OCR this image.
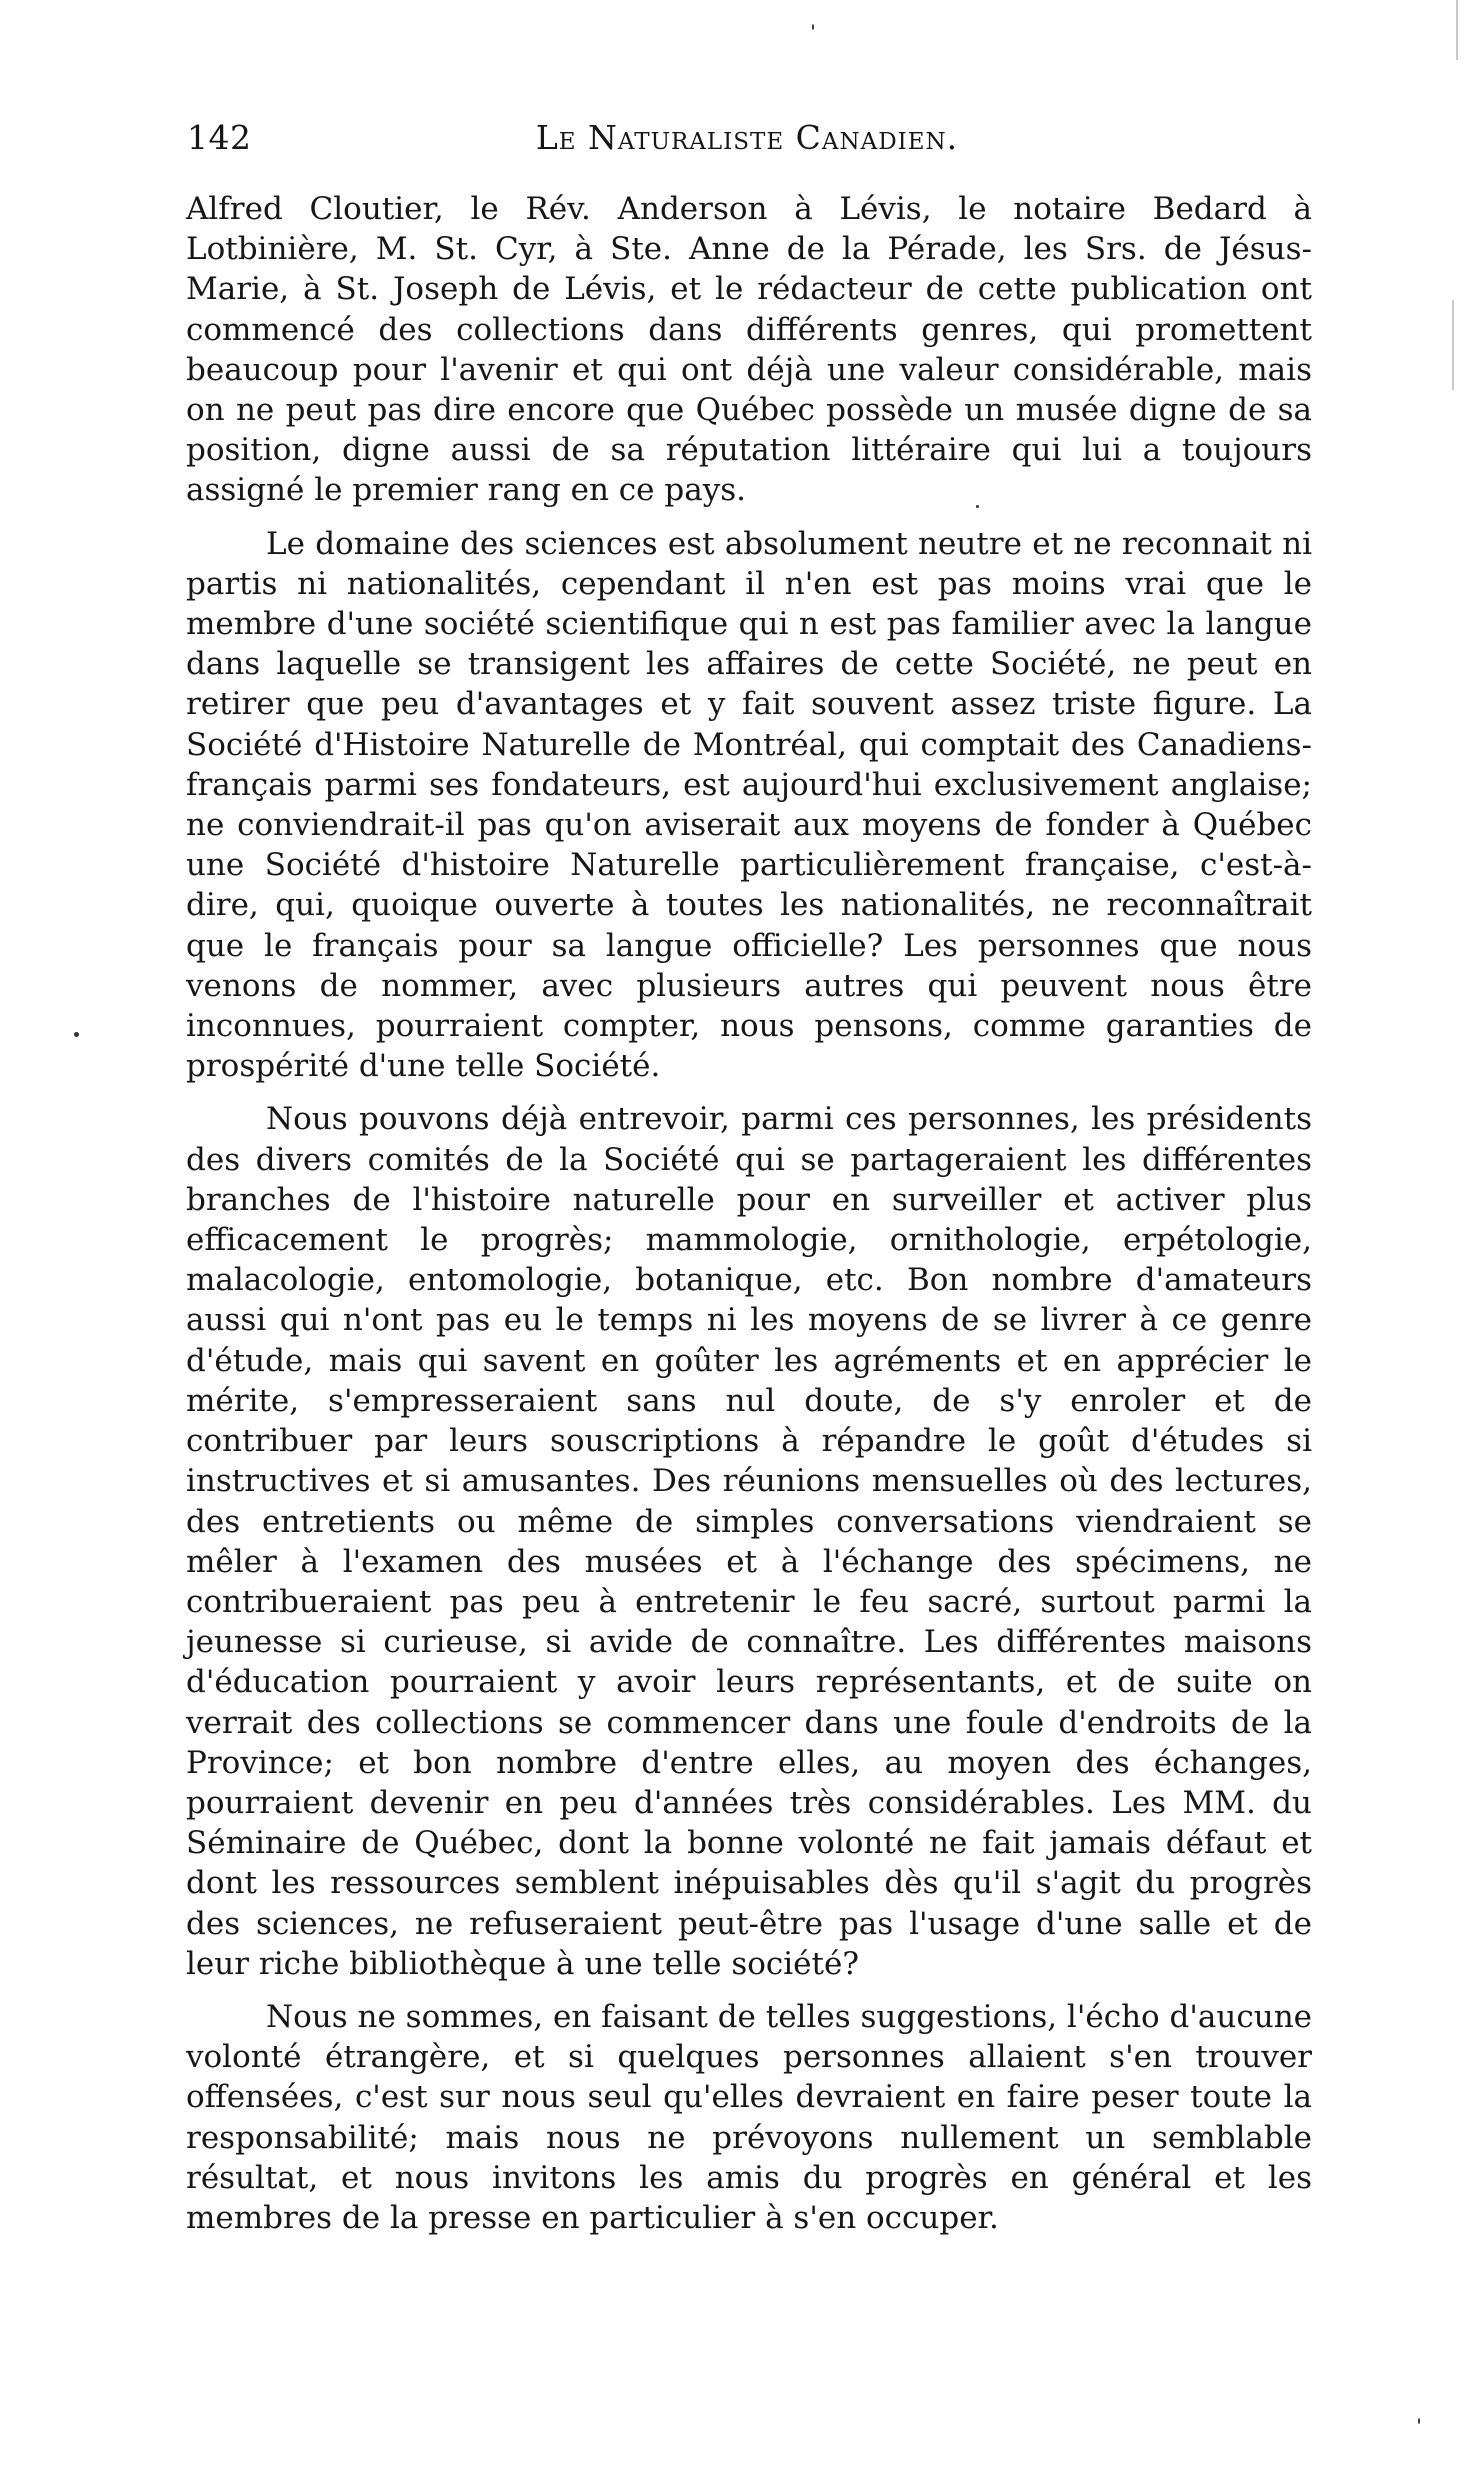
142	Le Naturaliste Canadien.

Alfred Cloutier, le Rév. Anderson à Lévis, le notaire Bedard à Lotbinière, M. St. Cyr, à Ste. Anne de la Pérade, les Srs. de Jésus-Marie, à St. Joseph de Lévis, et le rédacteur de cette publication ont commencé des collections dans différents genres, qui promettent beaucoup pour l'avenir et qui ont déjà une valeur considérable, mais on ne peut pas dire encore que Québec possède un musée digne de sa position, digne aussi de sa réputation littéraire qui lui a toujours assigné le premier rang en ce pays.

Le domaine des sciences est absolument neutre et ne reconnait ni partis ni nationalités, cependant il n'en est pas moins vrai que le membre d'une société scientifique qui n est pas familier avec la langue dans laquelle se transigent les affaires de cette Société, ne peut en retirer que peu d'avantages et y fait souvent assez triste figure. La Société d'Histoire Naturelle de Montréal, qui comptait des Canadiens-français parmi ses fondateurs, est aujourd'hui exclusivement anglaise; ne conviendrait-il pas qu'on aviserait aux moyens de fonder à Québec une Société d'histoire Naturelle particulièrement française, c'est-à-dire, qui, quoique ouverte à toutes les nationalités, ne reconnaîtrait que le français pour sa langue officielle? Les personnes que nous venons de nommer, avec plusieurs autres qui peuvent nous être inconnues, pourraient compter, nous pensons, comme garanties de prospérité d'une telle Société.

Nous pouvons déjà entrevoir, parmi ces personnes, les présidents des divers comités de la Société qui se partageraient les différentes branches de l'histoire naturelle pour en surveiller et activer plus efficacement le progrès; mammologie, ornithologie, erpétologie, malacologie, entomologie, botanique, etc. Bon nombre d'amateurs aussi qui n'ont pas eu le temps ni les moyens de se livrer à ce genre d'étude, mais qui savent en goûter les agréments et en apprécier le mérite, s'empresseraient sans nul doute, de s'y enroler et de contribuer par leurs souscriptions à répandre le goût d'études si instructives et si amusantes. Des réunions mensuelles où des lectures, des entretients ou même de simples conversations viendraient se mêler à l'examen des musées et à l'échange des spécimens, ne contribueraient pas peu à entretenir le feu sacré, surtout parmi la jeunesse si curieuse, si avide de connaître. Les différentes maisons d'éducation pourraient y avoir leurs représentants, et de suite on verrait des collections se commencer dans une foule d'endroits de la Province; et bon nombre d'entre elles, au moyen des échanges, pourraient devenir en peu d'années très considérables. Les MM. du Séminaire de Québec, dont la bonne volonté ne fait jamais défaut et dont les ressources semblent inépuisables dès qu'il s'agit du progrès des sciences, ne refuseraient peut-être pas l'usage d'une salle et de leur riche bibliothèque à une telle société?

Nous ne sommes, en faisant de telles suggestions, l'écho d'aucune volonté étrangère, et si quelques personnes allaient s'en trouver offensées, c'est sur nous seul qu'elles devraient en faire peser toute la responsabilité; mais nous ne prévoyons nullement un semblable résultat, et nous invitons les amis du progrès en général et les membres de la presse en particulier à s'en occuper.
